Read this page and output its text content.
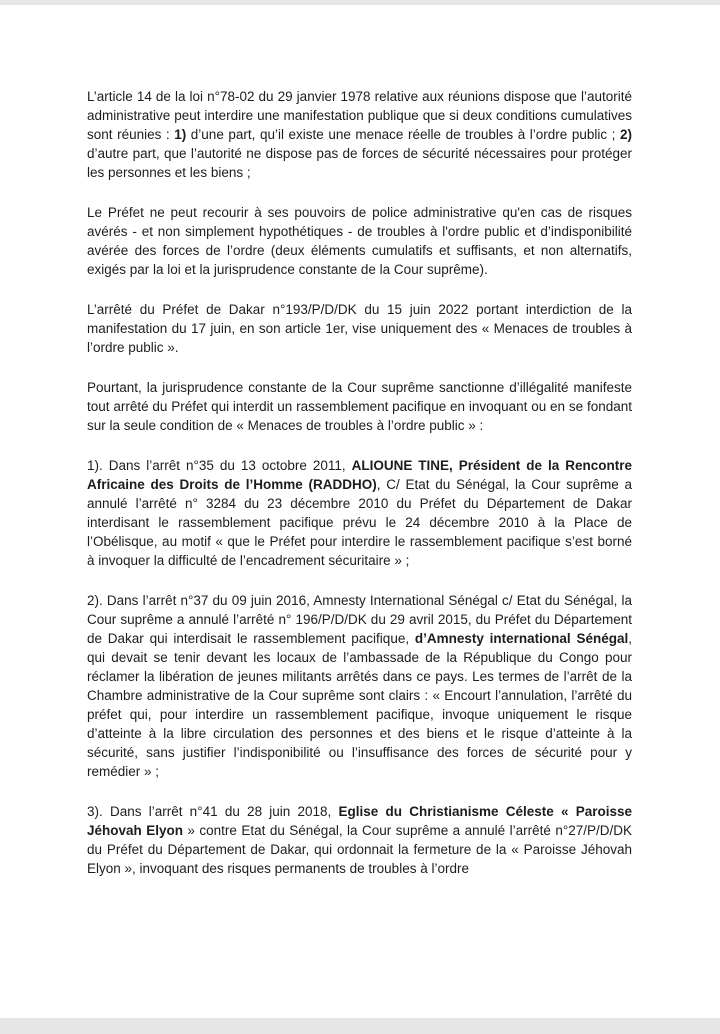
L’article 14 de la loi n°78-02 du 29 janvier 1978 relative aux réunions dispose que l’autorité administrative peut interdire une manifestation publique que si deux conditions cumulatives sont réunies : 1) d’une part, qu’il existe une menace réelle de troubles à l’ordre public ; 2) d’autre part, que l’autorité ne dispose pas de forces de sécurité nécessaires pour protéger les personnes et les biens ;

Le Préfet ne peut recourir à ses pouvoirs de police administrative qu'en cas de risques avérés - et non simplement hypothétiques - de troubles à l'ordre public et d’indisponibilité avérée des forces de l’ordre (deux éléments cumulatifs et suffisants, et non alternatifs, exigés par la loi et la jurisprudence constante de la Cour suprême).

L’arrêté du Préfet de Dakar n°193/P/D/DK du 15 juin 2022 portant interdiction de la manifestation du 17 juin, en son article 1er, vise uniquement des « Menaces de troubles à l’ordre public ».

Pourtant, la jurisprudence constante de la Cour suprême sanctionne d’illégalité manifeste tout arrêté du Préfet qui interdit un rassemblement pacifique en invoquant ou en se fondant sur la seule condition de « Menaces de troubles à l’ordre public » :

1). Dans l’arrêt n°35 du 13 octobre 2011, ALIOUNE TINE, Président de la Rencontre Africaine des Droits de l’Homme (RADDHO), C/ Etat du Sénégal, la Cour suprême a annulé l’arrêté n° 3284 du 23 décembre 2010 du Préfet du Département de Dakar interdisant le rassemblement pacifique prévu le 24 décembre 2010 à la Place de l’Obélisque, au motif « que le Préfet pour interdire le rassemblement pacifique s’est borné à invoquer la difficulté de l’encadrement sécuritaire » ;

2). Dans l’arrêt n°37 du 09 juin 2016, Amnesty International Sénégal c/ Etat du Sénégal, la Cour suprême a annulé l’arrêté n° 196/P/D/DK du 29 avril 2015, du Préfet du Département de Dakar qui interdisait le rassemblement pacifique, d’Amnesty international Sénégal, qui devait se tenir devant les locaux de l’ambassade de la République du Congo pour réclamer la libération de jeunes militants arrêtés dans ce pays. Les termes de l’arrêt de la Chambre administrative de la Cour suprême sont clairs : « Encourt l’annulation, l’arrêté du préfet qui, pour interdire un rassemblement pacifique, invoque uniquement le risque d’atteinte à la libre circulation des personnes et des biens et le risque d’atteinte à la sécurité, sans justifier l’indisponibilité ou l’insuffisance des forces de sécurité pour y remédier » ;

3). Dans l’arrêt n°41 du 28 juin 2018, Eglise du Christianisme Céleste « Paroisse Jéhovah Elyon » contre Etat du Sénégal, la Cour suprême a annulé l’arrêté n°27/P/D/DK du Préfet du Département de Dakar, qui ordonnait la fermeture de la « Paroisse Jéhovah Elyon », invoquant des risques permanents de troubles à l’ordre
